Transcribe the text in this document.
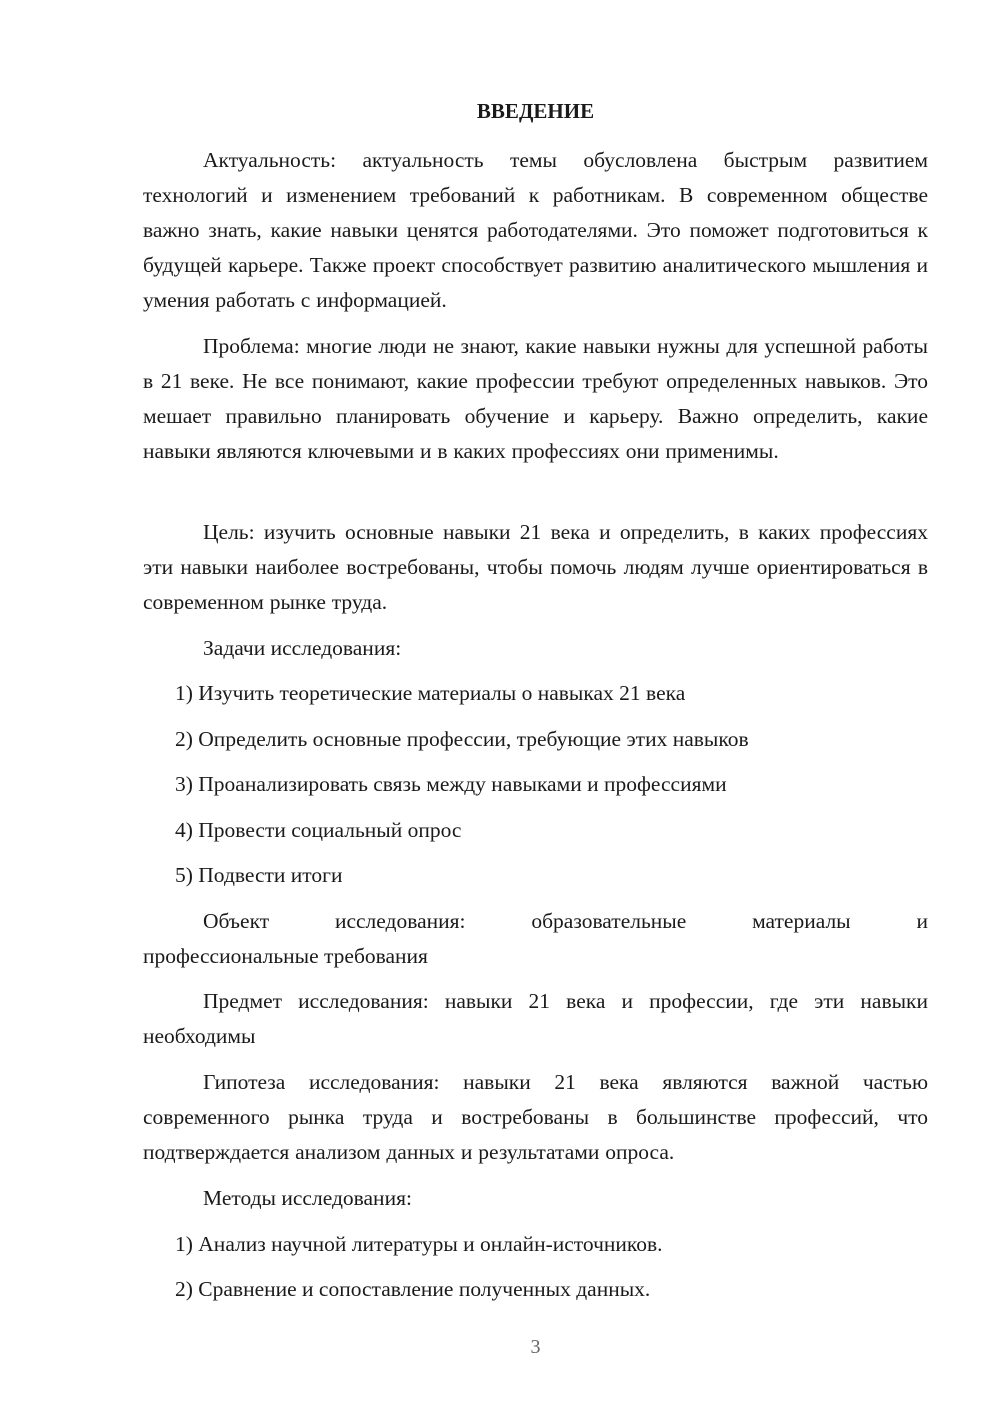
ВВЕДЕНИЕ

Актуальность: актуальность темы обусловлена быстрым развитием технологий и изменением требований к работникам. В современном обществе важно знать, какие навыки ценятся работодателями. Это поможет подготовиться к будущей карьере. Также проект способствует развитию аналитического мышления и умения работать с информацией.

Проблема: многие люди не знают, какие навыки нужны для успешной работы в 21 веке. Не все понимают, какие профессии требуют определенных навыков. Это мешает правильно планировать обучение и карьеру. Важно определить, какие навыки являются ключевыми и в каких профессиях они применимы.

Цель: изучить основные навыки 21 века и определить, в каких профессиях эти навыки наиболее востребованы, чтобы помочь людям лучше ориентироваться в современном рынке труда.

Задачи исследования:

1) Изучить теоретические материалы о навыках 21 века

2) Определить основные профессии, требующие этих навыков

3) Проанализировать связь между навыками и профессиями

4) Провести социальный опрос

5) Подвести итоги

Объект	исследования:	образовательные	материалы	и

профессиональные требования

Предмет исследования: навыки 21 века и профессии, где эти навыки необходимы

Гипотеза исследования: навыки 21 века являются важной частью современного рынка труда и востребованы в большинстве профессий, что подтверждается анализом данных и результатами опроса.

Методы исследования:

1) Анализ научной литературы и онлайн-источников.

2) Сравнение и сопоставление полученных данных.

3
